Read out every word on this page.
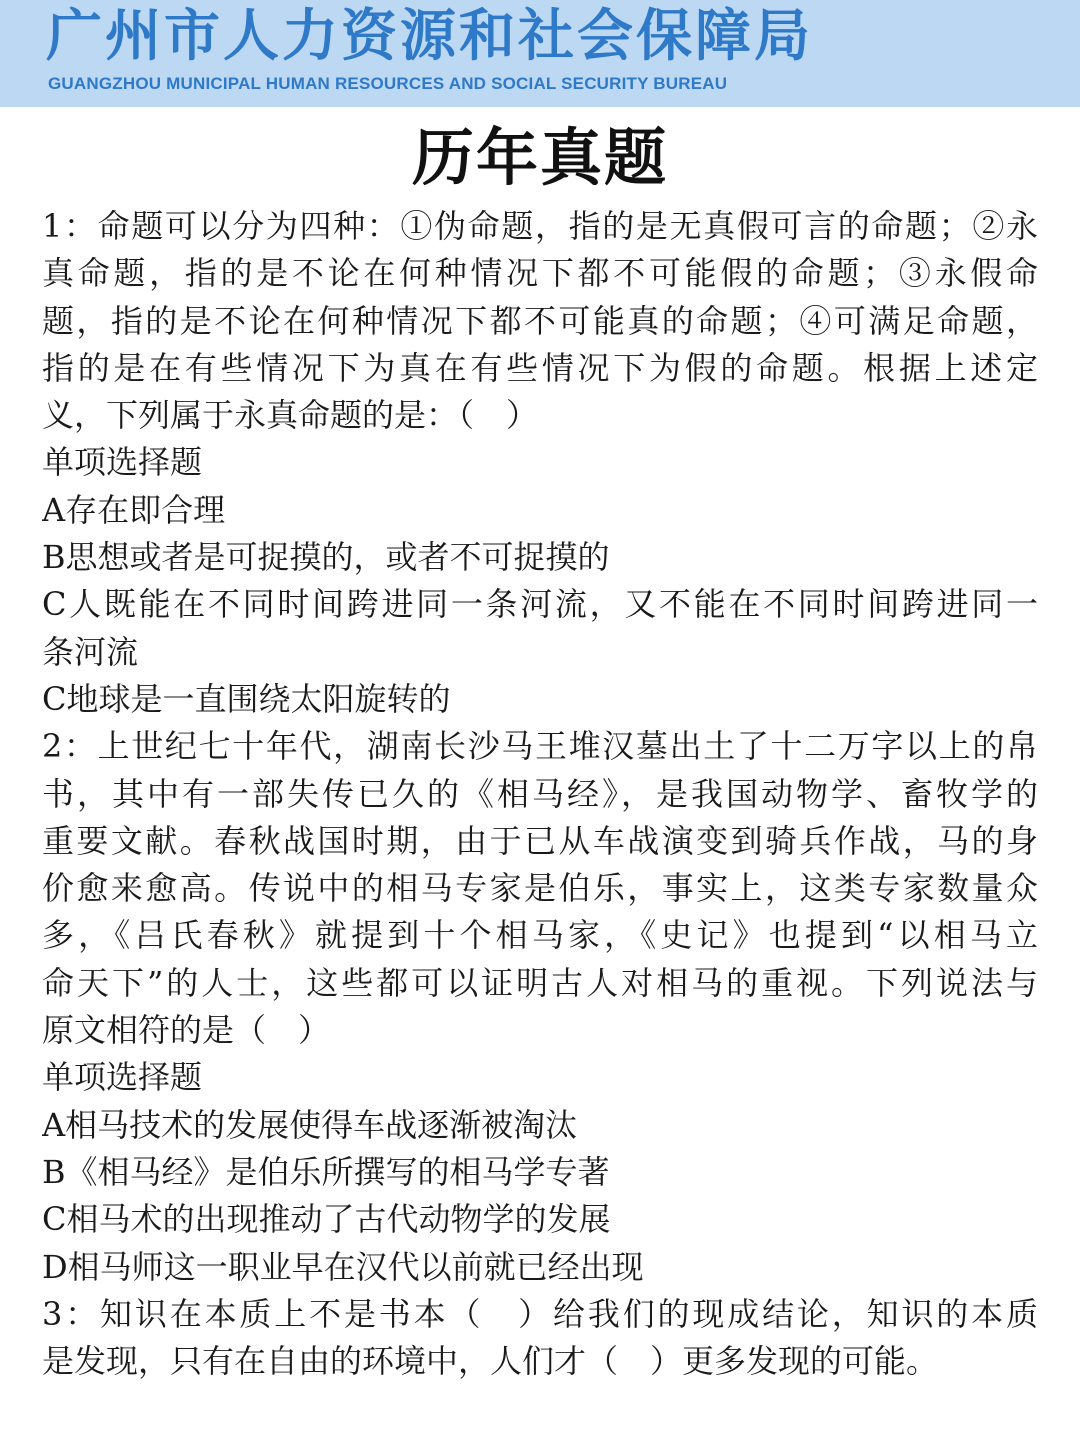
广州市人力资源和社会保障局
GUANGZHOU MUNICIPAL HUMAN RESOURCES AND SOCIAL SECURITY BUREAU
历年真题
1：命题可以分为四种：①伪命题，指的是无真假可言的命题；②永
真命题，指的是不论在何种情况下都不可能假的命题；③永假命
题，指的是不论在何种情况下都不可能真的命题；④可满足命题，
指的是在有些情况下为真在有些情况下为假的命题。根据上述定
义，下列属于永真命题的是：（　）
单项选择题
A存在即合理
B思想或者是可捉摸的，或者不可捉摸的
C人既能在不同时间跨进同一条河流，又不能在不同时间跨进同一
条河流
C地球是一直围绕太阳旋转的
2：上世纪七十年代，湖南长沙马王堆汉墓出土了十二万字以上的帛
书，其中有一部失传已久的《相马经》，是我国动物学、畜牧学的
重要文献。春秋战国时期，由于已从车战演变到骑兵作战，马的身
价愈来愈高。传说中的相马专家是伯乐，事实上，这类专家数量众
多，《吕氏春秋》就提到十个相马家，《史记》也提到“以相马立
命天下”的人士，这些都可以证明古人对相马的重视。下列说法与
原文相符的是（　）
单项选择题
A相马技术的发展使得车战逐渐被淘汰
B《相马经》是伯乐所撰写的相马学专著
C相马术的出现推动了古代动物学的发展
D相马师这一职业早在汉代以前就已经出现
3：知识在本质上不是书本（　）给我们的现成结论，知识的本质
是发现，只有在自由的环境中，人们才（　）更多发现的可能。
